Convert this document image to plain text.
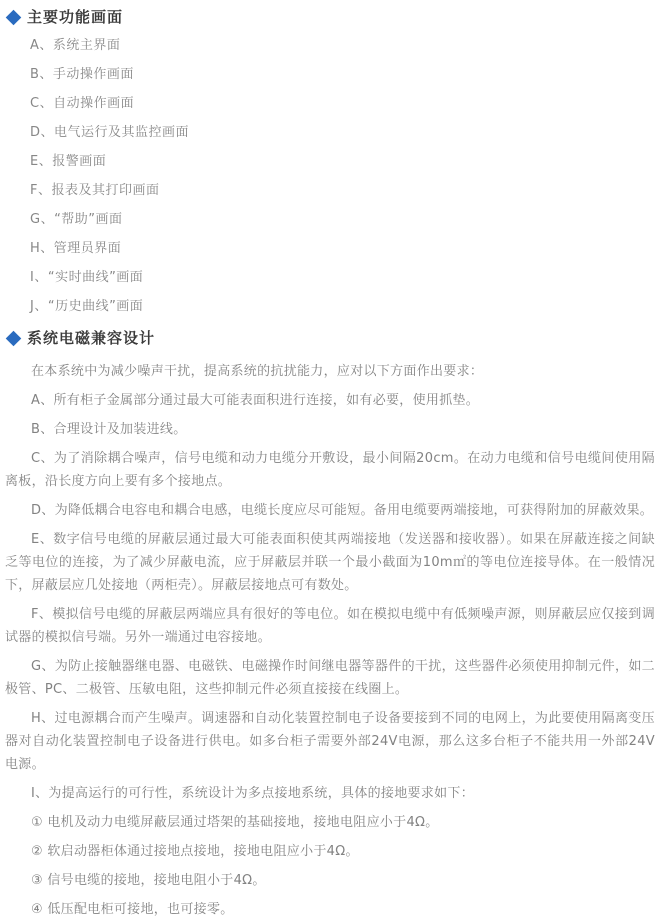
主要功能画面
A、系统主界面
B、手动操作画面
C、自动操作画面
D、电气运行及其监控画面
E、报警画面
F、报表及其打印画面
G、“帮助”画面
H、管理员界面
I、“实时曲线”画面
J、“历史曲线”画面
系统电磁兼容设计

在本系统中为减少噪声干扰，提高系统的抗扰能力，应对以下方面作出要求：

A、所有柜子金属部分通过最大可能表面积进行连接，如有必要，使用抓垫。

B、合理设计及加装进线。

C、为了消除耦合噪声，信号电缆和动力电缆分开敷设，最小间隔20cm。在动力电缆和信号电缆间使用隔离板，沿长度方向上要有多个接地点。

D、为降低耦合电容电和耦合电感，电缆长度应尽可能短。备用电缆要两端接地，可获得附加的屏蔽效果。

E、数字信号电缆的屏蔽层通过最大可能表面积使其两端接地（发送器和接收器）。如果在屏蔽连接之间缺乏等电位的连接，为了减少屏蔽电流，应于屏蔽层并联一个最小截面为10m㎡的等电位连接导体。在一般情况下，屏蔽层应几处接地（两柜壳）。屏蔽层接地点可有数处。

F、模拟信号电缆的屏蔽层两端应具有很好的等电位。如在模拟电缆中有低频噪声源，则屏蔽层应仅接到调试器的模拟信号端。另外一端通过电容接地。

G、为防止接触器继电器、电磁铁、电磁操作时间继电器等器件的干扰，这些器件必须使用抑制元件，如二极管、PC、二极管、压敏电阻，这些抑制元件必须直接接在线圈上。

H、过电源耦合而产生噪声。调速器和自动化装置控制电子设备要接到不同的电网上，为此要使用隔离变压器对自动化装置控制电子设备进行供电。如多台柜子需要外部24V电源，那么这多台柜子不能共用一外部24V电源。

I、为提高运行的可行性，系统设计为多点接地系统，具体的接地要求如下：

① 电机及动力电缆屏蔽层通过塔架的基础接地，接地电阻应小于4Ω。

② 软启动器柜体通过接地点接地，接地电阻应小于4Ω。

③ 信号电缆的接地，接地电阻小于4Ω。

④ 低压配电柜可接地，也可接零。
